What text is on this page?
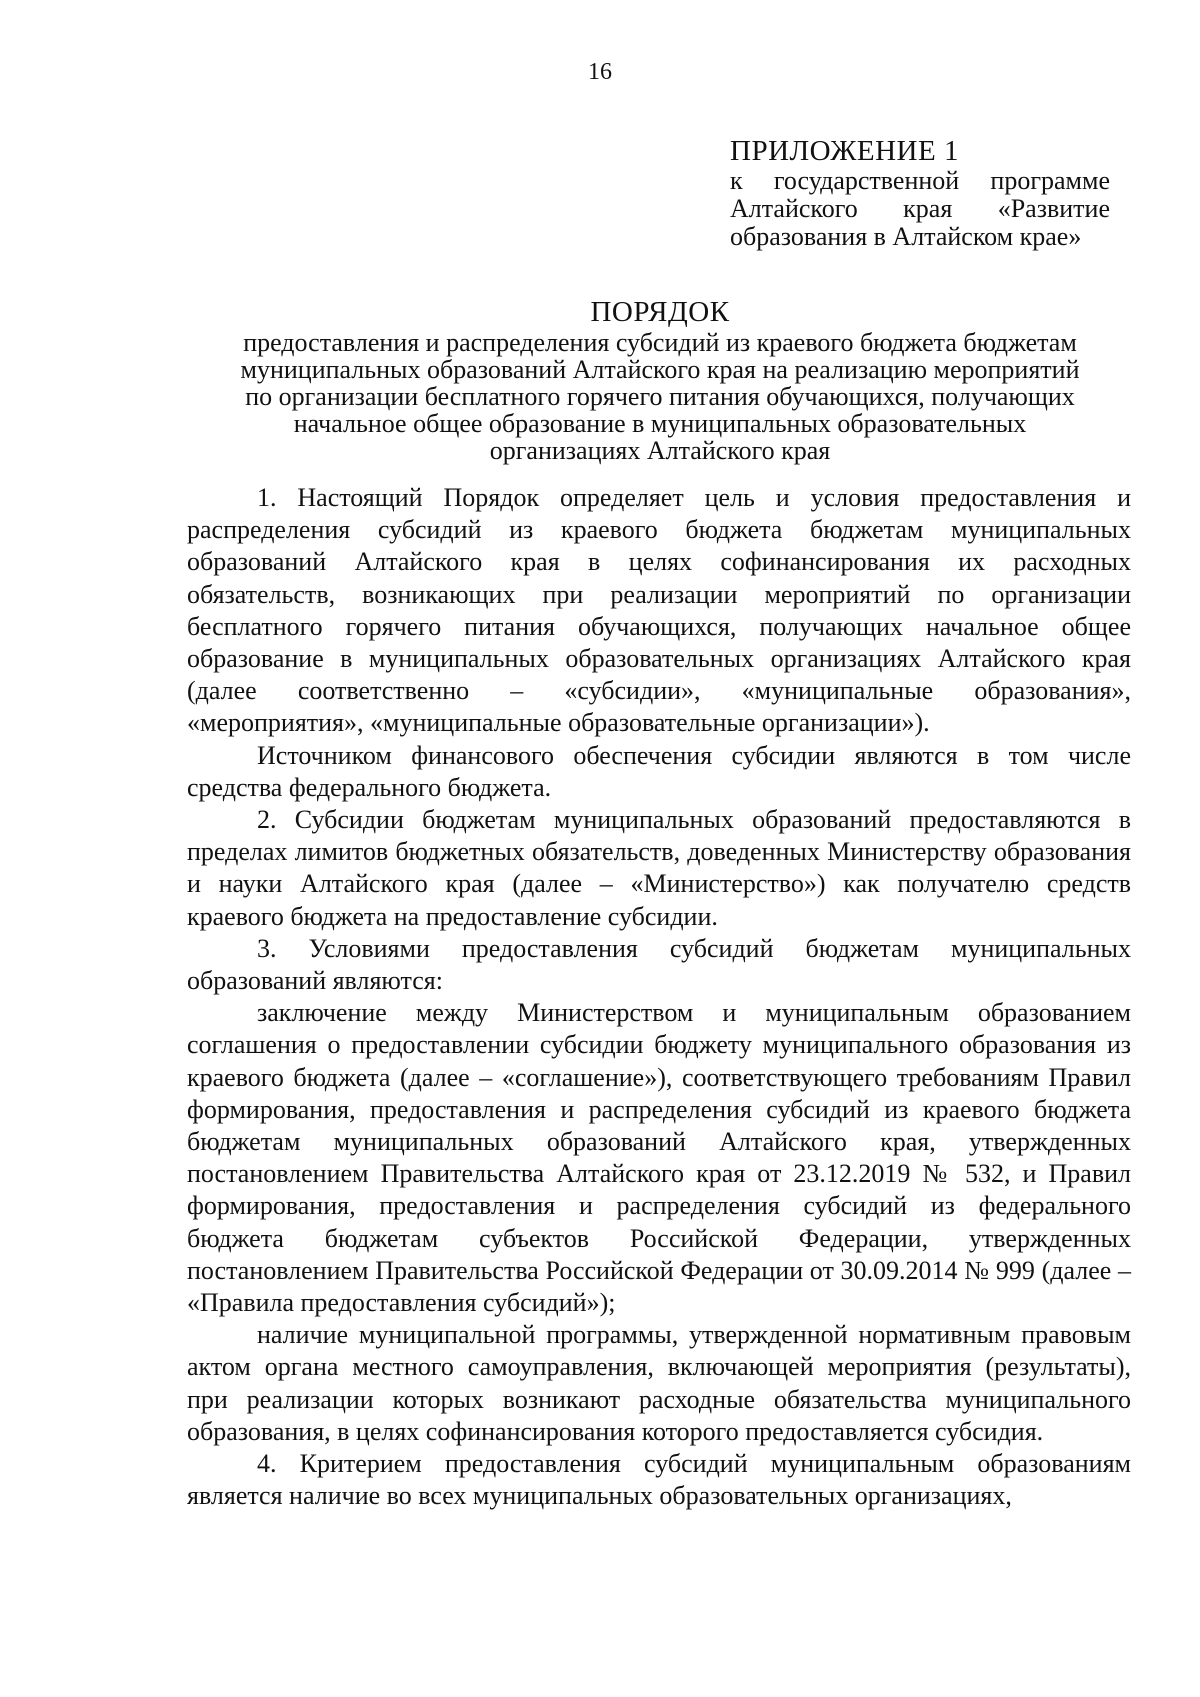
16
ПРИЛОЖЕНИЕ 1
к государственной программе
Алтайского края «Развитие
образования в Алтайском крае»
ПОРЯДОК
предоставления и распределения субсидий из краевого бюджета бюджетам
муниципальных образований Алтайского края на реализацию мероприятий
по организации бесплатного горячего питания обучающихся, получающих
начальное общее образование в муниципальных образовательных
организациях Алтайского края

1. Настоящий Порядок определяет цель и условия предоставления и распределения субсидий из краевого бюджета бюджетам муниципальных образований Алтайского края в целях софинансирования их расходных обязательств, возникающих при реализации мероприятий по организации бесплатного горячего питания обучающихся, получающих начальное общее образование в муниципальных образовательных организациях Алтайского края (далее соответственно – «субсидии», «муниципальные образования», «мероприятия», «муниципальные образовательные организации»).

Источником финансового обеспечения субсидии являются в том числе средства федерального бюджета.

2. Субсидии бюджетам муниципальных образований предоставляются в пределах лимитов бюджетных обязательств, доведенных Министерству образования и науки Алтайского края (далее – «Министерство») как получателю средств краевого бюджета на предоставление субсидии.

3. Условиями предоставления субсидий бюджетам муниципальных образований являются:

заключение между Министерством и муниципальным образованием соглашения о предоставлении субсидии бюджету муниципального образования из краевого бюджета (далее – «соглашение»), соответствующего требованиям Правил формирования, предоставления и распределения субсидий из краевого бюджета бюджетам муниципальных образований Алтайского края, утвержденных постановлением Правительства Алтайского края от 23.12.2019 № 532, и Правил формирования, предоставления и распределения субсидий из федерального бюджета бюджетам субъектов Российской Федерации, утвержденных постановлением Правительства Российской Федерации от 30.09.2014 № 999 (далее – «Правила предоставления субсидий»);

наличие муниципальной программы, утвержденной нормативным правовым актом органа местного самоуправления, включающей мероприятия (результаты), при реализации которых возникают расходные обязательства муниципального образования, в целях софинансирования которого предоставляется субсидия.

4. Критерием предоставления субсидий муниципальным образованиям является наличие во всех муниципальных образовательных организациях,
